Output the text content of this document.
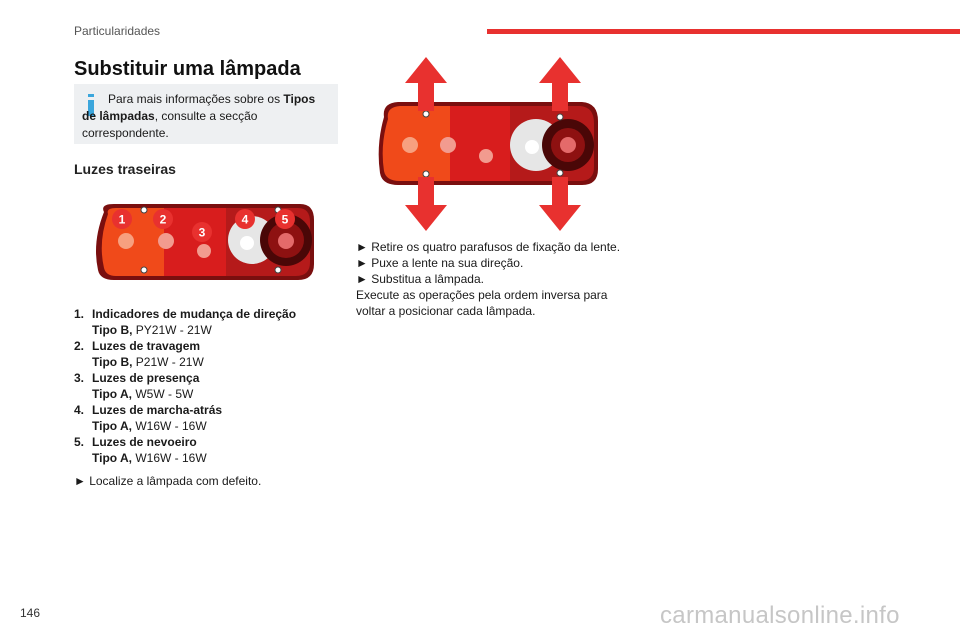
Particularidades
Substituir uma lâmpada
Para mais informações sobre os Tipos de lâmpadas, consulte a secção correspondente.
Luzes traseiras
1	2
3
4	5
1. Indicadores de mudança de direção
Tipo B, PY21W - 21W
2. Luzes de travagem
Tipo B, P21W - 21W
3. Luzes de presença
Tipo A, W5W - 5W
4. Luzes de marcha-atrás
Tipo A, W16W - 16W
5. Luzes de nevoeiro
Tipo A, W16W - 16W
► Localize a lâmpada com defeito.
► Retire os quatro parafusos de fixação da lente.
► Puxe a lente na sua direção.
► Substitua a lâmpada.
Execute as operações pela ordem inversa para voltar a posicionar cada lâmpada.
146	carmanualsonline.info
